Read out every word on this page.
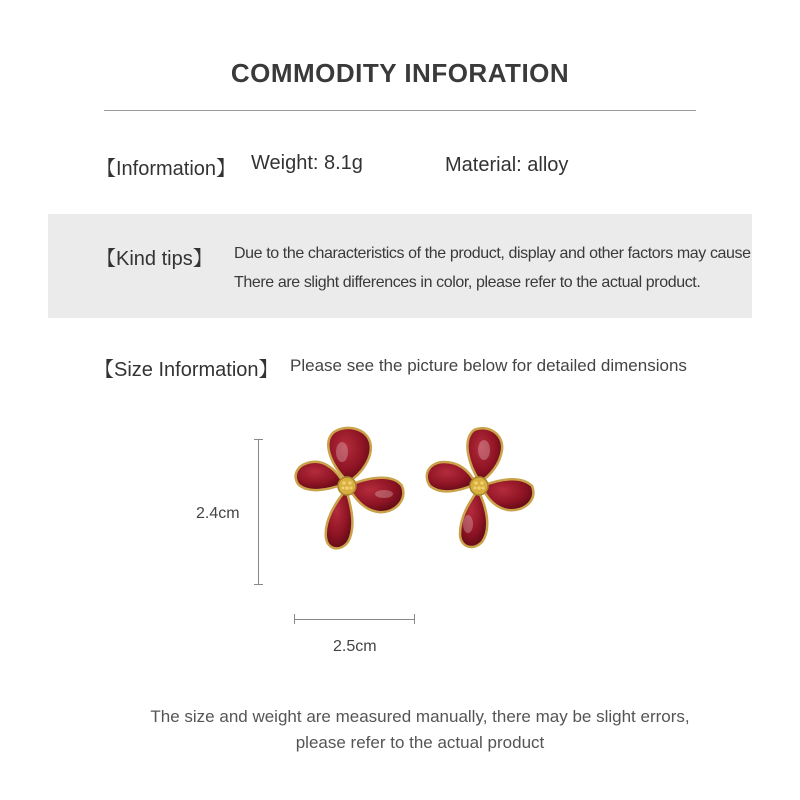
COMMODITY INFORATION
【Information】 Weight: 8.1g	Material: alloy
【Kind tips】 Due to the characteristics of the product, display and other factors may cause
There are slight differences in color, please refer to the actual product.
【Size Information】 Please see the picture below for detailed dimensions
2.4cm
2.5cm
The size and weight are measured manually, there may be slight errors,
please refer to the actual product
